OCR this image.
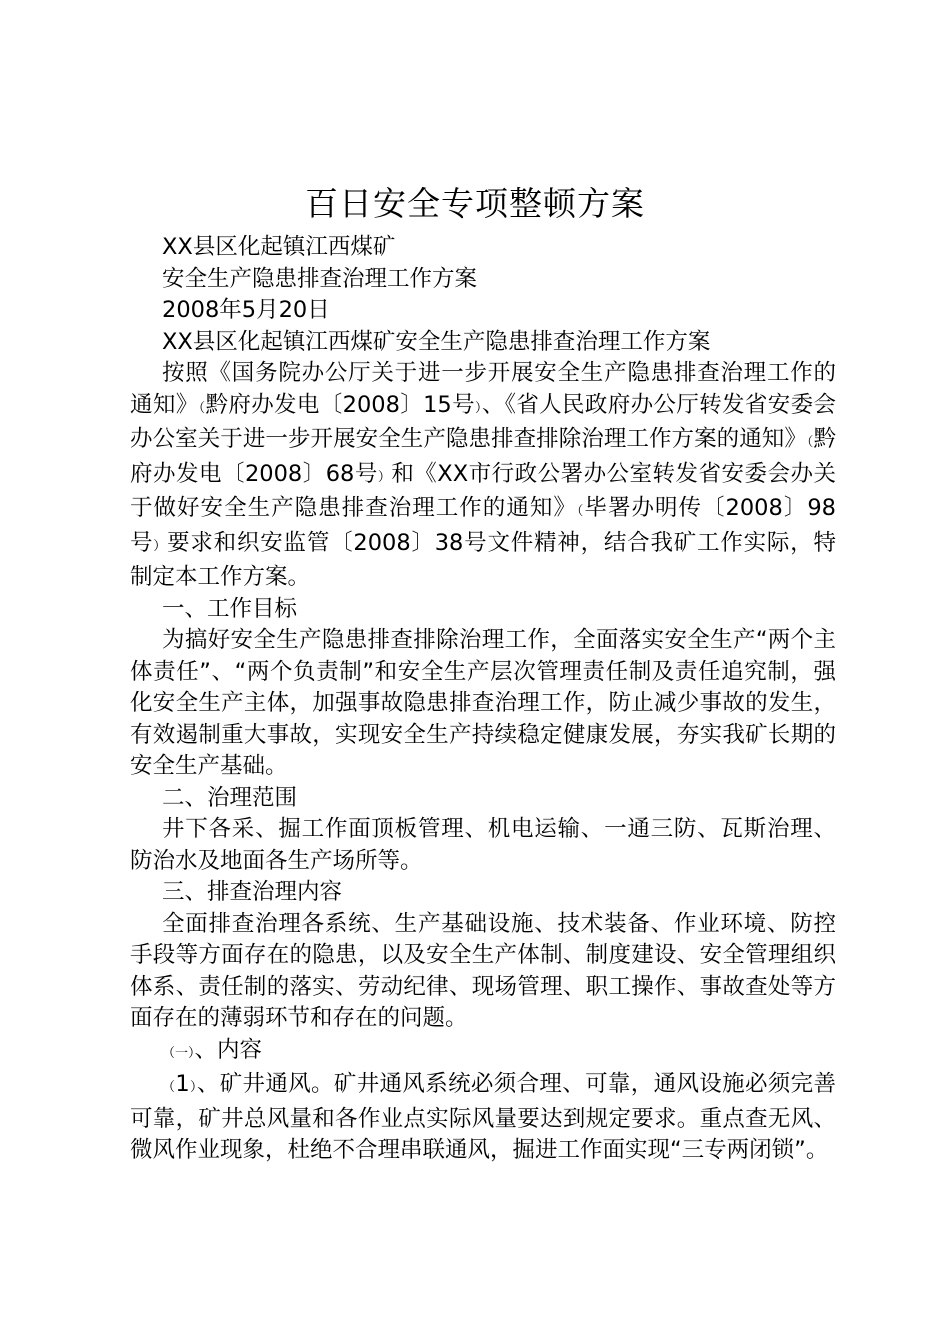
百日安全专项整顿方案

XX县区化起镇江西煤矿

安全生产隐患排查治理工作方案

2008年5月20日

XX县区化起镇江西煤矿安全生产隐患排查治理工作方案

按照《国务院办公厅关于进一步开展安全生产隐患排查治理工作的通知》（黔府办发电〔2008〕15号）、《省人民政府办公厅转发省安委会办公室关于进一步开展安全生产隐患排查排除治理工作方案的通知》（黔府办发电〔2008〕68号）和《XX市行政公署办公室转发省安委会办关于做好安全生产隐患排查治理工作的通知》（毕署办明传〔2008〕98号）要求和织安监管〔2008〕38号文件精神，结合我矿工作实际，特制定本工作方案。

一、工作目标

为搞好安全生产隐患排查排除治理工作，全面落实安全生产“两个主体责任”、“两个负责制”和安全生产层次管理责任制及责任追究制，强化安全生产主体，加强事故隐患排查治理工作，防止减少事故的发生，有效遏制重大事故，实现安全生产持续稳定健康发展，夯实我矿长期的安全生产基础。

二、治理范围

井下各采、掘工作面顶板管理、机电运输、一通三防、瓦斯治理、防治水及地面各生产场所等。

三、排查治理内容

全面排查治理各系统、生产基础设施、技术装备、作业环境、防控手段等方面存在的隐患，以及安全生产体制、制度建设、安全管理组织体系、责任制的落实、劳动纪律、现场管理、职工操作、事故查处等方面存在的薄弱环节和存在的问题。

（一）、内容

（1）、矿井通风。矿井通风系统必须合理、可靠，通风设施必须完善可靠，矿井总风量和各作业点实际风量要达到规定要求。重点查无风、微风作业现象，杜绝不合理串联通风，掘进工作面实现“三专两闭锁”。
